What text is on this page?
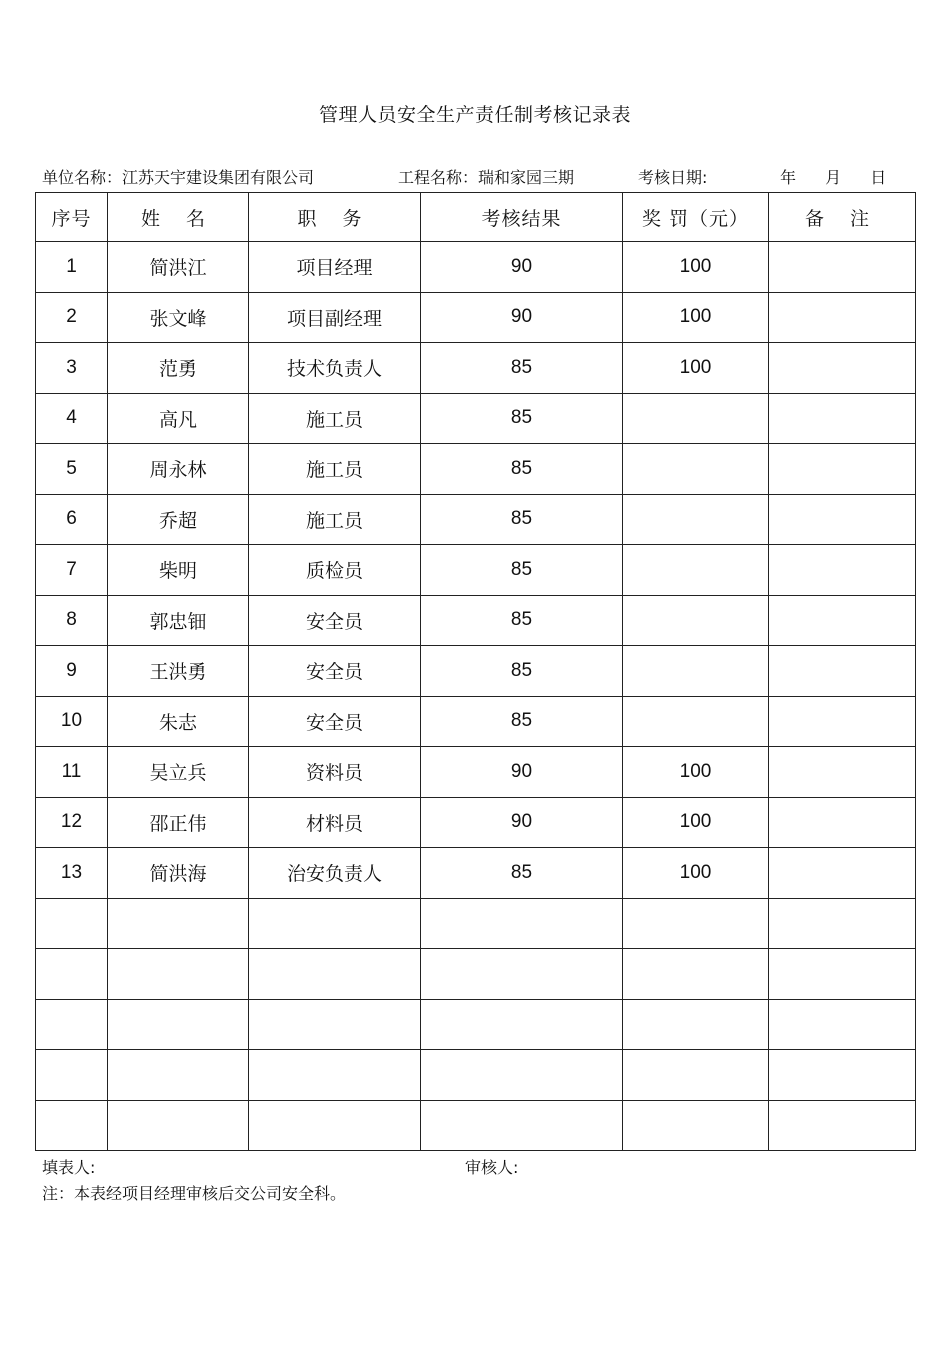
管理人员安全生产责任制考核记录表
单位名称：江苏天宇建设集团有限公司	工程名称：瑞和家园三期	考核日期:	年 月 日
序号	姓 名	职 务	考核结果	奖 罚（元）	备 注
1	简洪江	项目经理	90	100	
2	张文峰	项目副经理	90	100	
3	范勇	技术负责人	85	100	
4	高凡	施工员	85		
5	周永林	施工员	85		
6	乔超	施工员	85		
7	柴明	质检员	85		
8	郭忠钿	安全员	85		
9	王洪勇	安全员	85		
10	朱志	安全员	85		
11	吴立兵	资料员	90	100	
12	邵正伟	材料员	90	100	
13	简洪海	治安负责人	85	100	

填表人:	审核人:
注：本表经项目经理审核后交公司安全科。
